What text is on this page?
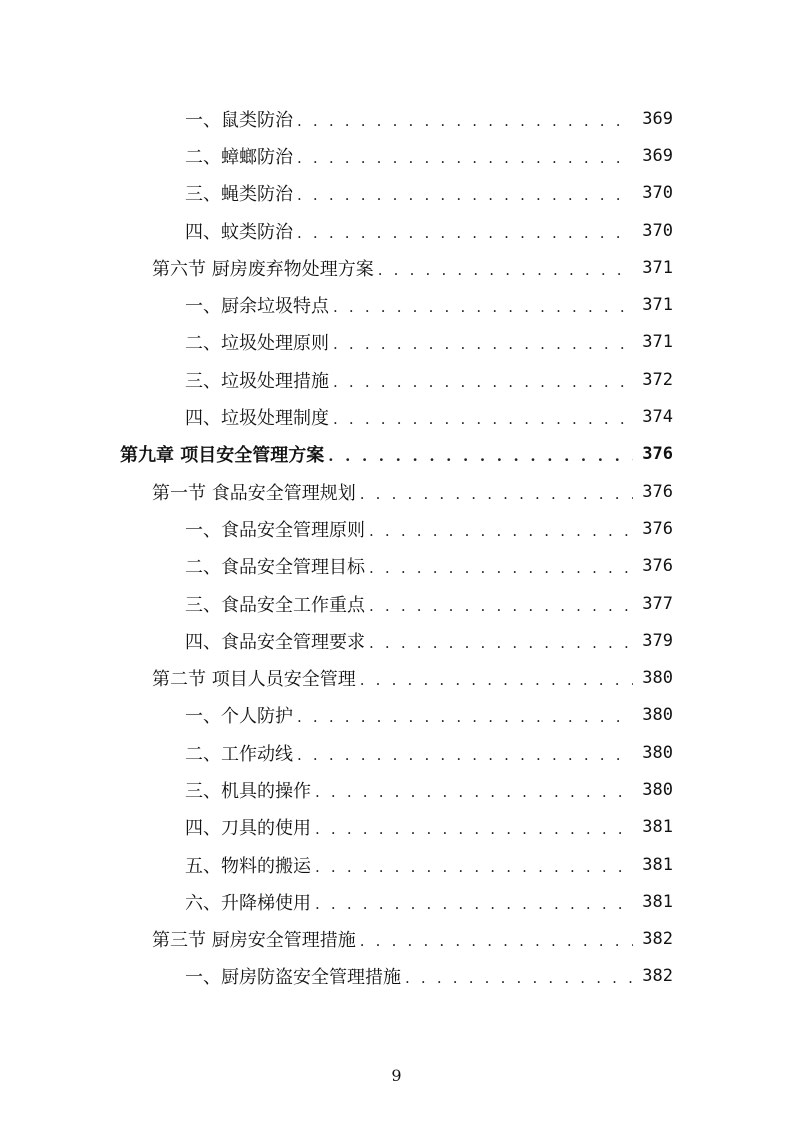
一、鼠类防治 . . .	369
二、蟑螂防治 . . .	369
三、蝇类防治 . . .	370
四、蚊类防治 . . .	370
第六节 厨房废弃物处理方案 . . .	371
一、厨余垃圾特点 . . .	371
二、垃圾处理原则 . . .	371
三、垃圾处理措施 . . .	372
四、垃圾处理制度 . . .	374
第九章 项目安全管理方案 . . .	376
第一节 食品安全管理规划 . . .	376
一、食品安全管理原则 . . .	376
二、食品安全管理目标 . . .	376
三、食品安全工作重点 . . .	377
四、食品安全管理要求 . . .	379
第二节 项目人员安全管理 . . .	380
一、个人防护 . . .	380
二、工作动线 . . .	380
三、机具的操作 . . .	380
四、刀具的使用 . . .	381
五、物料的搬运 . . .	381
六、升降梯使用 . . .	381
第三节 厨房安全管理措施 . . .	382
一、厨房防盗安全管理措施 . . .	382
9
